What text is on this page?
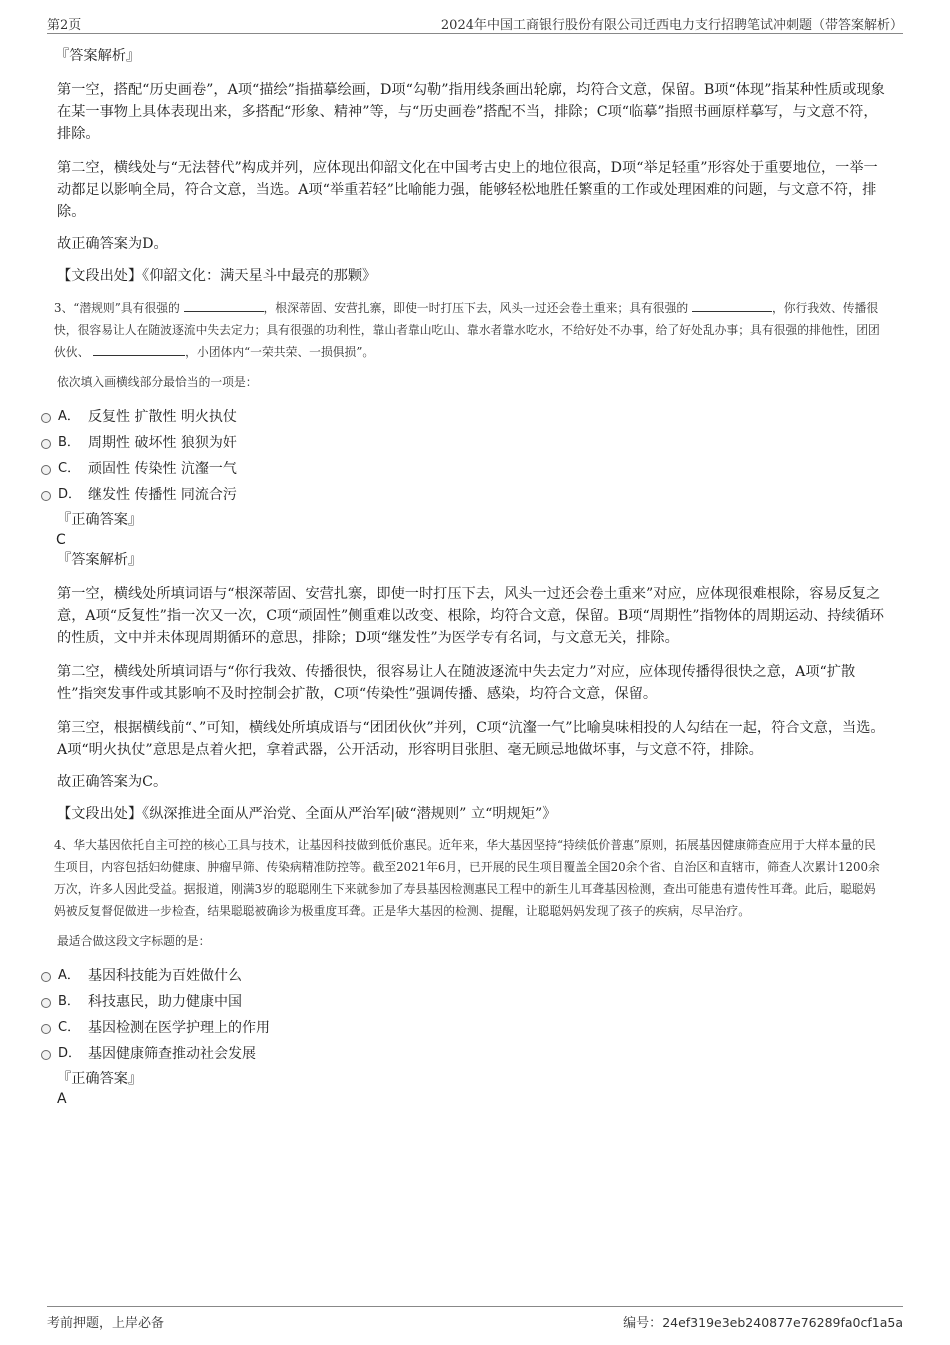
第2页	2024年中国工商银行股份有限公司迁西电力支行招聘笔试冲刺题（带答案解析）

『答案解析』

第一空，搭配“历史画卷”，A项“描绘”指描摹绘画，D项“勾勒”指用线条画出轮廓，均符合文意，保留。B项“体现”指某种性质或现象在某一事物上具体表现出来，多搭配“形象、精神”等，与“历史画卷”搭配不当，排除；C项“临摹”指照书画原样摹写，与文意不符，排除。

第二空，横线处与“无法替代”构成并列，应体现出仰韶文化在中国考古史上的地位很高，D项“举足轻重”形容处于重要地位，一举一动都足以影响全局，符合文意，当选。A项“举重若轻”比喻能力强，能够轻松地胜任繁重的工作或处理困难的问题，与文意不符，排除。

故正确答案为D。

【文段出处】《仰韶文化：满天星斗中最亮的那颗》

3、“潜规则”具有很强的	，根深蒂固、安营扎寨，即使一时打压下去，风头一过还会卷土重来；具有很强的	，你行我效、传播很快，很容易让人在随波逐流中失去定力；具有很强的功利性，靠山者靠山吃山、靠水者靠水吃水，不给好处不办事，给了好处乱办事；具有很强的排他性，团团伙伙、	，小团体内“一荣共荣、一损俱损”。

依次填入画横线部分最恰当的一项是：

A． 反复性 扩散性 明火执仗
B． 周期性 破坏性 狼狈为奸
C． 顽固性 传染性 沆瀣一气
D． 继发性 传播性 同流合污

『正确答案』

C

『答案解析』

第一空，横线处所填词语与“根深蒂固、安营扎寨，即使一时打压下去，风头一过还会卷土重来”对应，应体现很难根除，容易反复之意，A项“反复性”指一次又一次，C项“顽固性”侧重难以改变、根除，均符合文意，保留。B项“周期性”指物体的周期运动、持续循环的性质，文中并未体现周期循环的意思，排除；D项“继发性”为医学专有名词，与文意无关，排除。

第二空，横线处所填词语与“你行我效、传播很快，很容易让人在随波逐流中失去定力”对应，应体现传播得很快之意，A项“扩散性”指突发事件或其影响不及时控制会扩散，C项“传染性”强调传播、感染，均符合文意，保留。

第三空，根据横线前“、”可知，横线处所填成语与“团团伙伙”并列，C项“沆瀣一气”比喻臭味相投的人勾结在一起，符合文意，当选。A项“明火执仗”意思是点着火把，拿着武器，公开活动，形容明目张胆、毫无顾忌地做坏事，与文意不符，排除。

故正确答案为C。

【文段出处】《纵深推进全面从严治党、全面从严治军|破“潜规则” 立“明规矩”》

4、华大基因依托自主可控的核心工具与技术，让基因科技做到低价惠民。近年来，华大基因坚持“持续低价普惠”原则，拓展基因健康筛查应用于大样本量的民生项目，内容包括妇幼健康、肿瘤早筛、传染病精准防控等。截至2021年6月，已开展的民生项目覆盖全国20余个省、自治区和直辖市，筛查人次累计1200余万次，许多人因此受益。据报道，刚满3岁的聪聪刚生下来就参加了寿县基因检测惠民工程中的新生儿耳聋基因检测，查出可能患有遗传性耳聋。此后，聪聪妈妈被反复督促做进一步检查，结果聪聪被确诊为极重度耳聋。正是华大基因的检测、提醒，让聪聪妈妈发现了孩子的疾病，尽早治疗。

最适合做这段文字标题的是：

A． 基因科技能为百姓做什么
B． 科技惠民，助力健康中国
C． 基因检测在医学护理上的作用
D． 基因健康筛查推动社会发展

『正确答案』

A

考前押题，上岸必备	编号：24ef319e3eb240877e76289fa0cf1a5a
